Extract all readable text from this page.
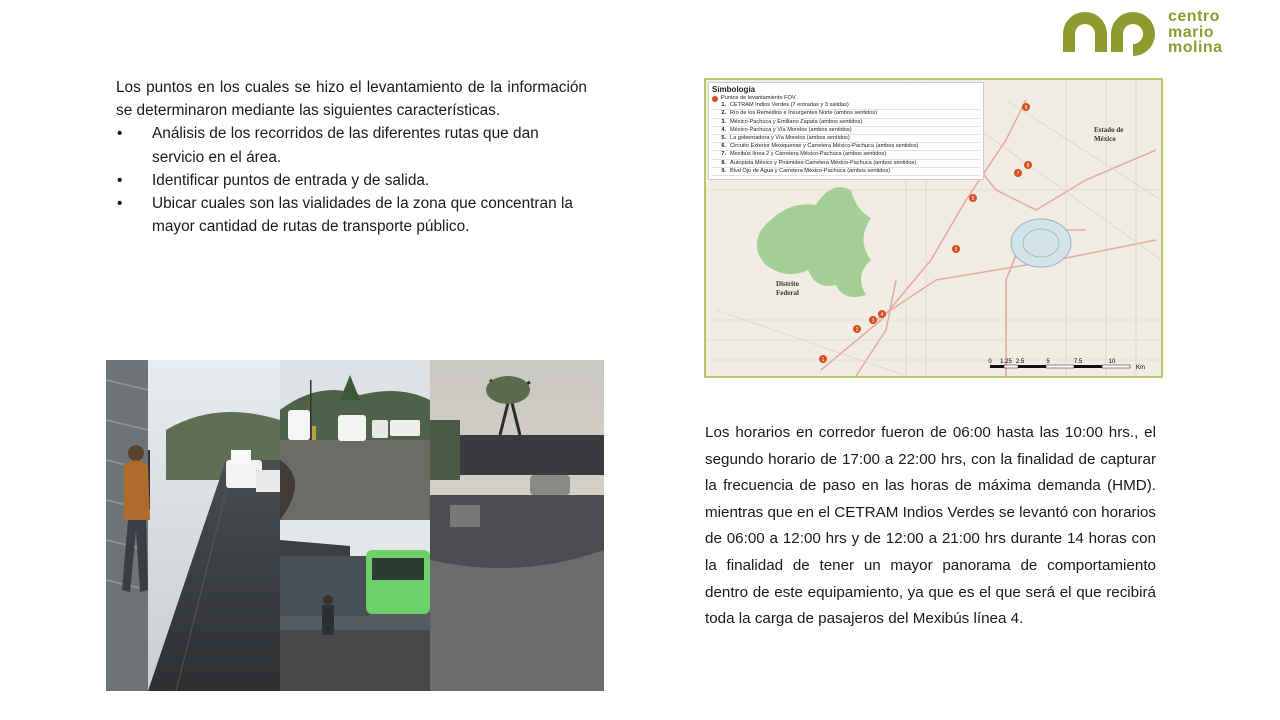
centro
mario
molina

Los puntos en los cuales se hizo el levantamiento de la información se determinaron mediante las siguientes características.

• Análisis de los recorridos de las diferentes rutas que dan servicio en el área.
• Identificar puntos de entrada y de salida.
• Ubicar cuales son las vialidades de la zona que concentran la mayor cantidad de rutas de transporte público.
Simbología
Puntos de levantamiento FOV
1. CETRAM Indios Verdes (7 entradas y 3 salidas)
2. Río de los Remedios e Insurgentes Norte (ambos sentidos)
3. México-Pachuca y Emiliano Zapata (ambos sentidos)
4. México-Pachuca y Vía Morelos (ambos sentidos)
5. La gobernadora y Vía Morelos (ambos sentidos)
6. Circuito Exterior Mexiquense y Carretera México-Pachuca (ambos sentidos)
7. Mexibús línea 2 y Carretera México-Pachuca (ambos sentidos)
8. Autopista México y Pirámides-Carretera México-Pachuca (ambos sentidos)
9. Blvd Ojo de Agua y Carretera México-Pachuca (ambos sentidos)
Estado de México
Distrito Federal
1
2
3
4
5
6
7
8
9
0 1.25 2.5	5	7.5	10
Km

Los horarios en corredor fueron de 06:00 hasta las 10:00 hrs., el segundo horario de 17:00 a 22:00 hrs, con la finalidad de capturar la frecuencia de paso en las horas de máxima demanda (HMD). mientras que en el CETRAM Indios Verdes se levantó con horarios de 06:00 a 12:00 hrs y de 12:00 a 21:00 hrs durante 14 horas con la finalidad de tener un mayor panorama de comportamiento dentro de este equipamiento, ya que es el que será el que recibirá toda la carga de pasajeros del Mexibús línea 4.
